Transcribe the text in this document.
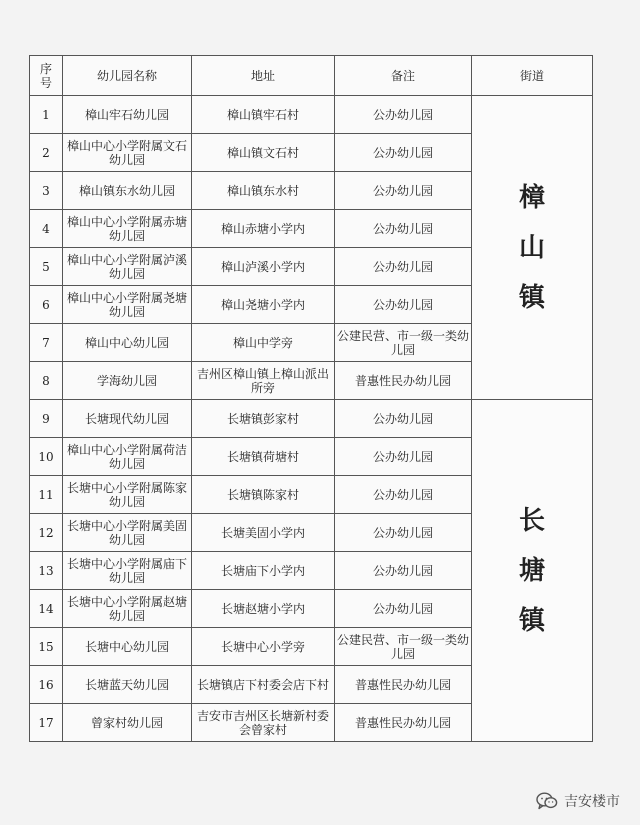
序号	幼儿园名称	地址	备注	街道
1	樟山牢石幼儿园	樟山镇牢石村	公办幼儿园	樟山镇
2	樟山中心小学附属文石幼儿园	樟山镇文石村	公办幼儿园	
3	樟山镇东水幼儿园	樟山镇东水村	公办幼儿园	
4	樟山中心小学附属赤塘幼儿园	樟山赤塘小学内	公办幼儿园	
5	樟山中心小学附属泸溪幼儿园	樟山泸溪小学内	公办幼儿园	
6	樟山中心小学附属尧塘幼儿园	樟山尧塘小学内	公办幼儿园	
7	樟山中心幼儿园	樟山中学旁	公建民营、市一级一类幼儿园	
8	学海幼儿园	吉州区樟山镇上樟山派出所旁	普惠性民办幼儿园	
9	长塘现代幼儿园	长塘镇彭家村	公办幼儿园	长塘镇
10	樟山中心小学附属荷洁幼儿园	长塘镇荷塘村	公办幼儿园	
11	长塘中心小学附属陈家幼儿园	长塘镇陈家村	公办幼儿园	
12	长塘中心小学附属美固幼儿园	长塘美固小学内	公办幼儿园	
13	长塘中心小学附属庙下幼儿园	长塘庙下小学内	公办幼儿园	
14	长塘中心小学附属赵塘幼儿园	长塘赵塘小学内	公办幼儿园	
15	长塘中心幼儿园	长塘中心小学旁	公建民营、市一级一类幼儿园	
16	长塘蓝天幼儿园	长塘镇店下村委会店下村	普惠性民办幼儿园	
17	曾家村幼儿园	吉安市吉州区长塘新村委会曾家村	普惠性民办幼儿园	
吉安楼市
